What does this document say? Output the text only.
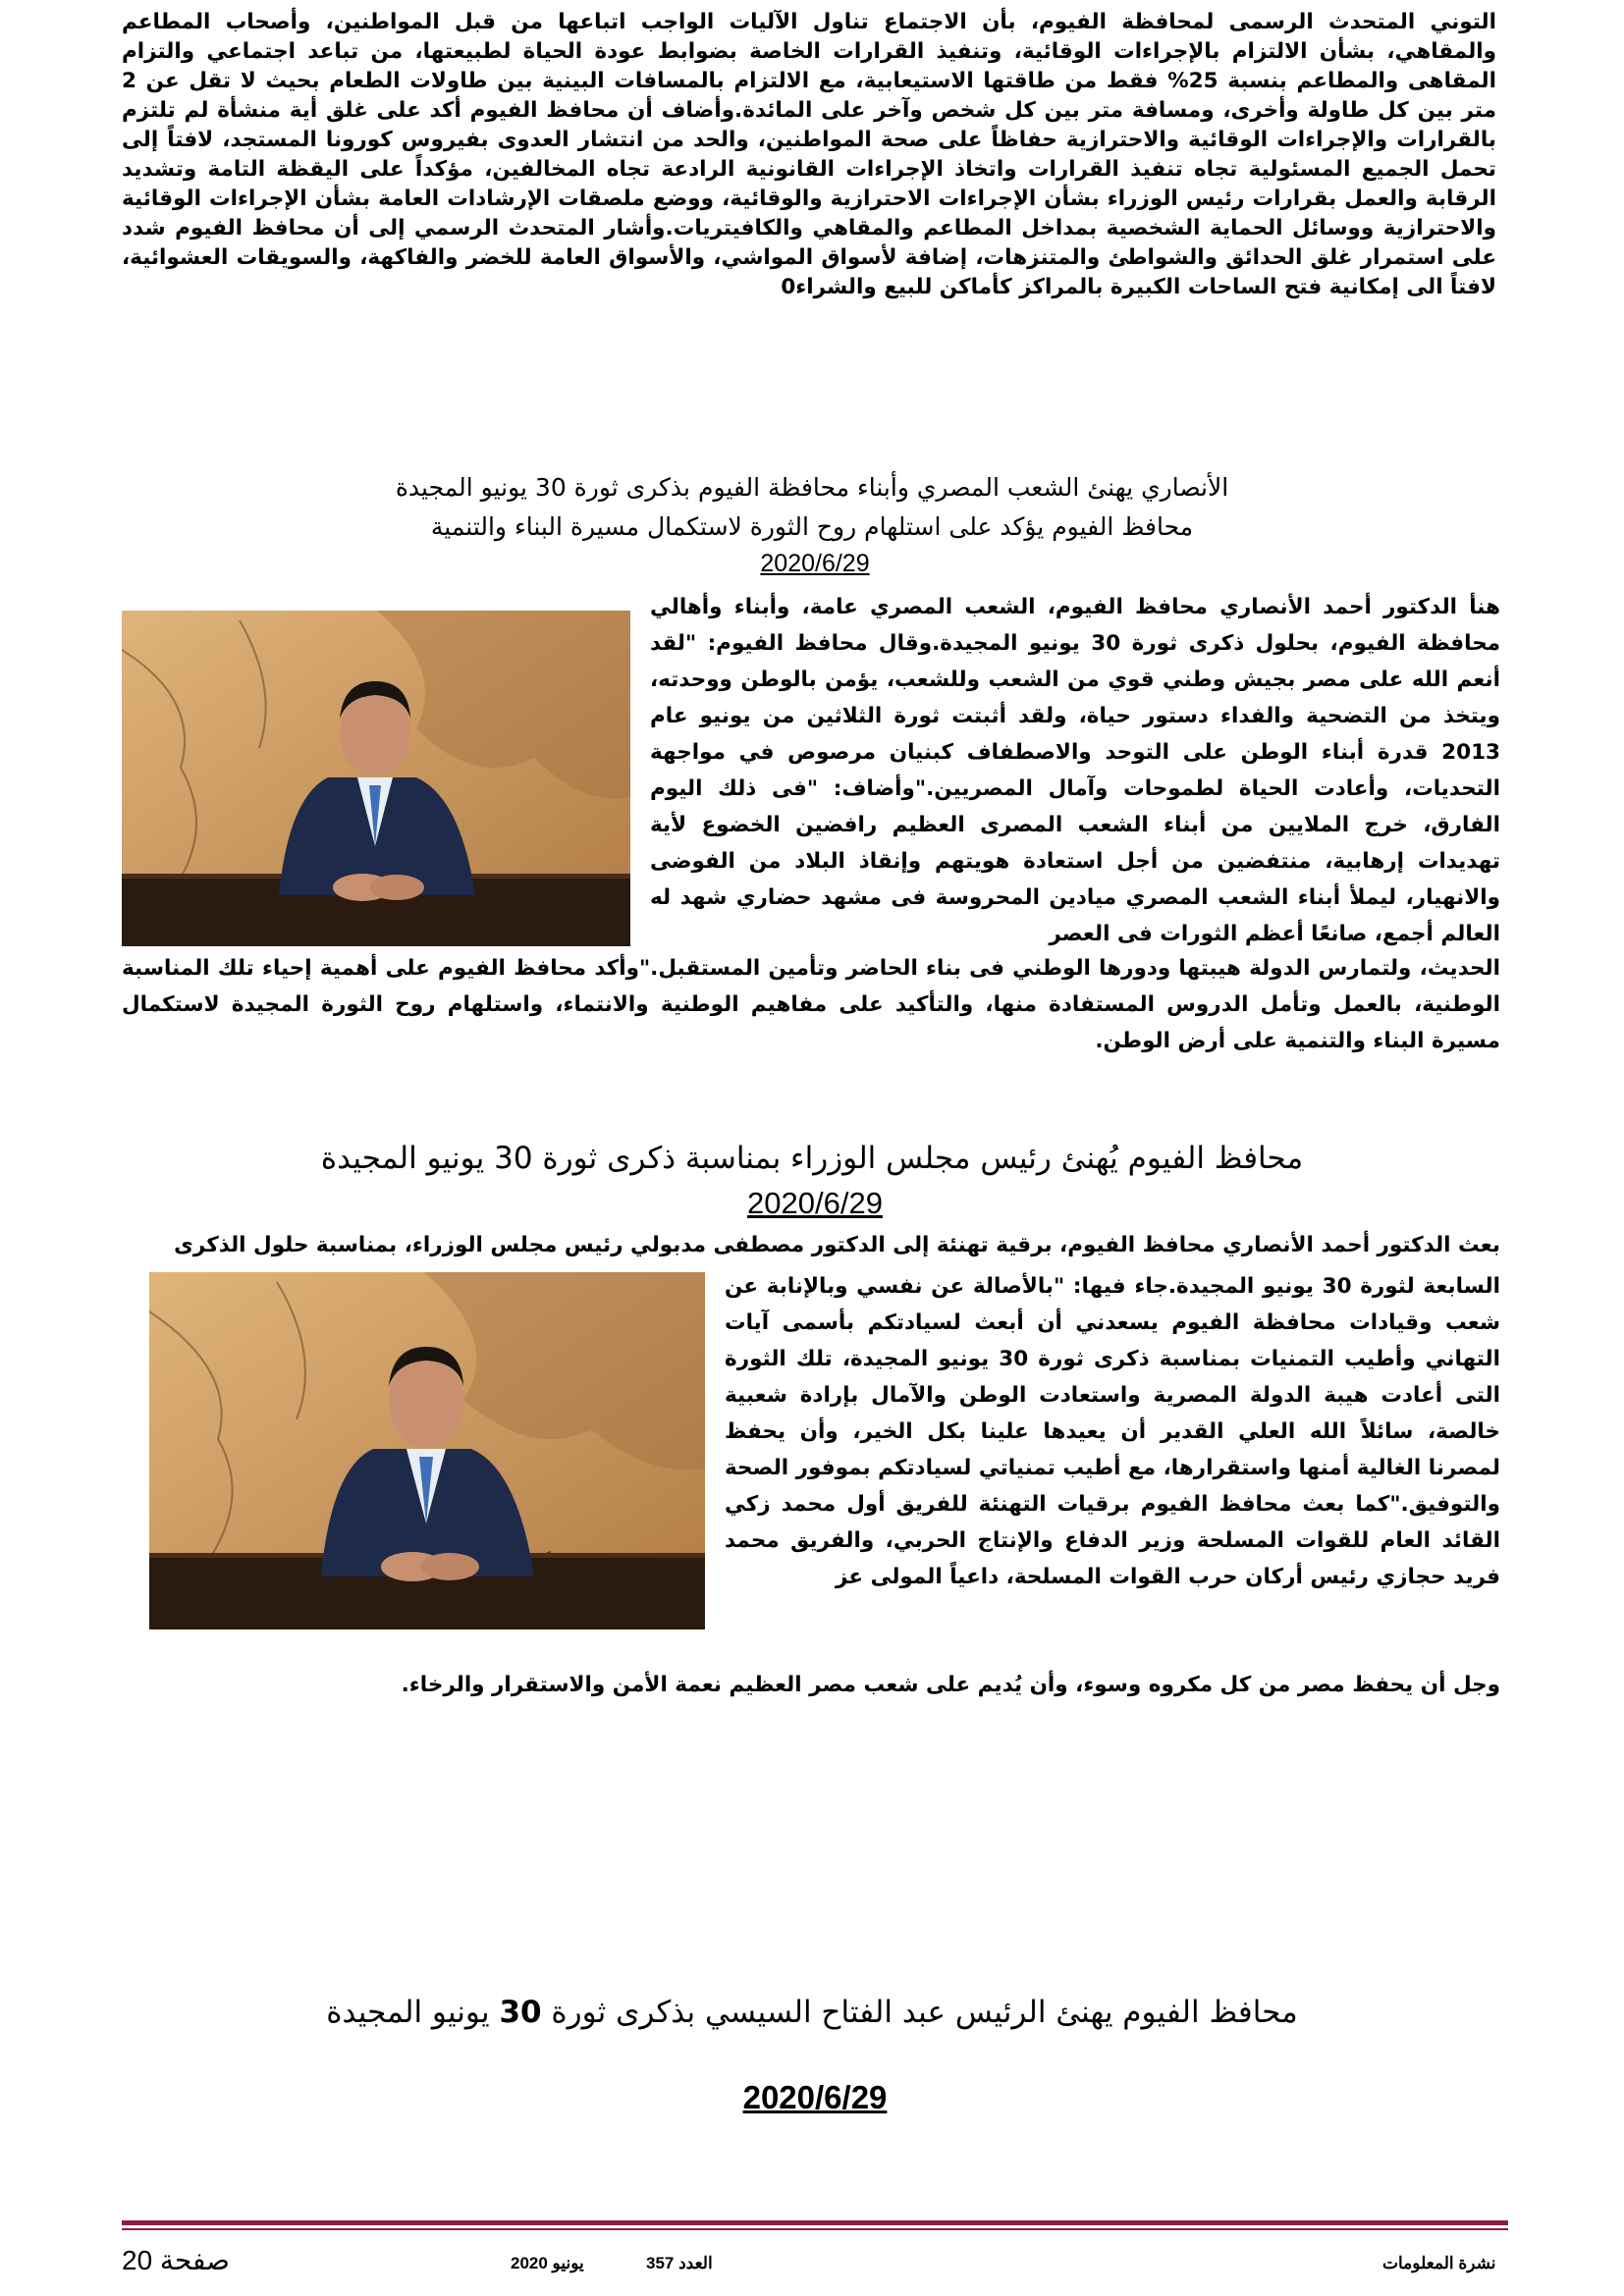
التوني المتحدث الرسمى لمحافظة الفيوم، بأن الاجتماع تناول الآليات الواجب اتباعها من قبل المواطنين، وأصحاب المطاعم والمقاهي، بشأن الالتزام بالإجراءات الوقائية، وتنفيذ القرارات الخاصة بضوابط عودة الحياة لطبيعتها، من تباعد اجتماعي والتزام المقاهى والمطاعم بنسبة 25% فقط من طاقتها الاستيعابية، مع الالتزام بالمسافات البينية بين طاولات الطعام بحيث لا تقل عن 2 متر بين كل طاولة وأخرى، ومسافة متر بين كل شخص وآخر على المائدة.وأضاف أن محافظ الفيوم أكد على غلق أية منشأة لم تلتزم بالقرارات والإجراءات الوقائية والاحترازية حفاظاً على صحة المواطنين، والحد من انتشار العدوى بفيروس كورونا المستجد، لافتاً إلى تحمل الجميع المسئولية تجاه تنفيذ القرارات واتخاذ الإجراءات القانونية الرادعة تجاه المخالفين، مؤكداً على اليقظة التامة وتشديد الرقابة والعمل بقرارات رئيس الوزراء بشأن الإجراءات الاحترازية والوقائية، ووضع ملصقات الإرشادات العامة بشأن الإجراءات الوقائية والاحترازية ووسائل الحماية الشخصية بمداخل المطاعم والمقاهي والكافيتريات.وأشار المتحدث الرسمي إلى أن محافظ الفيوم شدد على استمرار غلق الحدائق والشواطئ والمتنزهات، إضافة لأسواق المواشي، والأسواق العامة للخضر والفاكهة، والسويقات العشوائية، لافتاً الى إمكانية فتح الساحات الكبيرة بالمراكز كأماكن للبيع والشراء0
الأنصاري يهنئ الشعب المصري وأبناء محافظة الفيوم بذكرى ثورة 30 يونيو المجيدة
محافظ الفيوم يؤكد على استلهام روح الثورة لاستكمال مسيرة البناء والتنمية
2020/6/29
هنأ الدكتور أحمد الأنصاري محافظ الفيوم، الشعب المصري عامة، وأبناء وأهالي محافظة الفيوم، بحلول ذكرى ثورة 30 يونيو المجيدة.وقال محافظ الفيوم: "لقد أنعم الله على مصر بجيش وطني قوي من الشعب وللشعب، يؤمن بالوطن ووحدته، ويتخذ من التضحية والفداء دستور حياة، ولقد أثبتت ثورة الثلاثين من يونيو عام 2013 قدرة أبناء الوطن على التوحد والاصطفاف كبنيان مرصوص في مواجهة التحديات، وأعادت الحياة لطموحات وآمال المصريين."وأضاف: "فى ذلك اليوم الفارق، خرج الملايين من أبناء الشعب المصرى العظيم رافضين الخضوع لأية تهديدات إرهابية، منتفضين من أجل استعادة هويتهم وإنقاذ البلاد من الفوضى والانهيار، ليملأ أبناء الشعب المصري ميادين المحروسة فى مشهد حضاري شهد له العالم أجمع، صانعًا أعظم الثورات فى العصر
الحديث، ولتمارس الدولة هيبتها ودورها الوطني فى بناء الحاضر وتأمين المستقبل."وأكد محافظ الفيوم على أهمية إحياء تلك المناسبة الوطنية، بالعمل وتأمل الدروس المستفادة منها، والتأكيد على مفاهيم الوطنية والانتماء، واستلهام روح الثورة المجيدة لاستكمال مسيرة البناء والتنمية على أرض الوطن.
محافظ الفيوم يُهنئ رئيس مجلس الوزراء بمناسبة ذكرى ثورة 30 يونيو المجيدة
2020/6/29
بعث الدكتور أحمد الأنصاري محافظ الفيوم، برقية تهنئة إلى الدكتور مصطفى مدبولي رئيس مجلس الوزراء، بمناسبة حلول الذكرى
السابعة لثورة 30 يونيو المجيدة.جاء فيها: "بالأصالة عن نفسي وبالإنابة عن شعب وقيادات محافظة الفيوم يسعدني أن أبعث لسيادتكم بأسمى آيات التهاني وأطيب التمنيات بمناسبة ذكرى ثورة 30 يونيو المجيدة، تلك الثورة التى أعادت هيبة الدولة المصرية واستعادت الوطن والآمال بإرادة شعبية خالصة، سائلاً الله العلي القدير أن يعيدها علينا بكل الخير، وأن يحفظ لمصرنا الغالية أمنها واستقرارها، مع أطيب تمنياتي لسيادتكم بموفور الصحة والتوفيق."كما بعث محافظ الفيوم برقيات التهنئة للفريق أول محمد زكي القائد العام للقوات المسلحة وزير الدفاع والإنتاج الحربي، والفريق محمد فريد حجازي رئيس أركان حرب القوات المسلحة، داعياً المولى عز
وجل أن يحفظ مصر من كل مكروه وسوء، وأن يُديم على شعب مصر العظيم نعمة الأمن والاستقرار والرخاء.
محافظ الفيوم يهنئ الرئيس عبد الفتاح السيسي بذكرى ثورة 30 يونيو المجيدة
2020/6/29
صفحة 20	يونيو 2020	العدد 357	نشرة المعلومات
